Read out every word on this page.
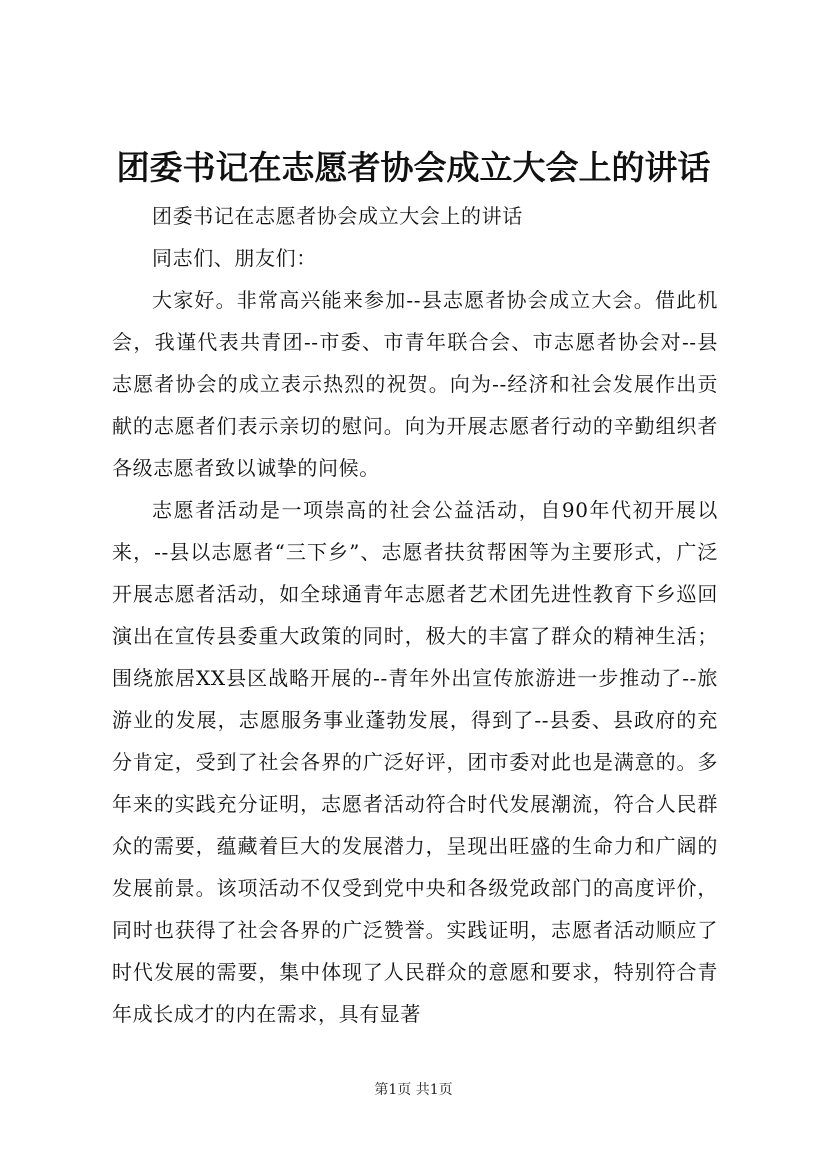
团委书记在志愿者协会成立大会上的讲话

团委书记在志愿者协会成立大会上的讲话

同志们、朋友们：

大家好。非常高兴能来参加--县志愿者协会成立大会。借此机会，我谨代表共青团--市委、市青年联合会、市志愿者协会对--县志愿者协会的成立表示热烈的祝贺。向为--经济和社会发展作出贡献的志愿者们表示亲切的慰问。向为开展志愿者行动的辛勤组织者各级志愿者致以诚挚的问候。

志愿者活动是一项崇高的社会公益活动，自90年代初开展以来，--县以志愿者“三下乡”、志愿者扶贫帮困等为主要形式，广泛开展志愿者活动，如全球通青年志愿者艺术团先进性教育下乡巡回演出在宣传县委重大政策的同时，极大的丰富了群众的精神生活；围绕旅居XX县区战略开展的--青年外出宣传旅游进一步推动了--旅游业的发展，志愿服务事业蓬勃发展，得到了--县委、县政府的充分肯定，受到了社会各界的广泛好评，团市委对此也是满意的。多年来的实践充分证明，志愿者活动符合时代发展潮流，符合人民群众的需要，蕴藏着巨大的发展潜力，呈现出旺盛的生命力和广阔的发展前景。该项活动不仅受到党中央和各级党政部门的高度评价，同时也获得了社会各界的广泛赞誉。实践证明，志愿者活动顺应了时代发展的需要，集中体现了人民群众的意愿和要求，特别符合青年成长成才的内在需求，具有显著

第1页 共1页
